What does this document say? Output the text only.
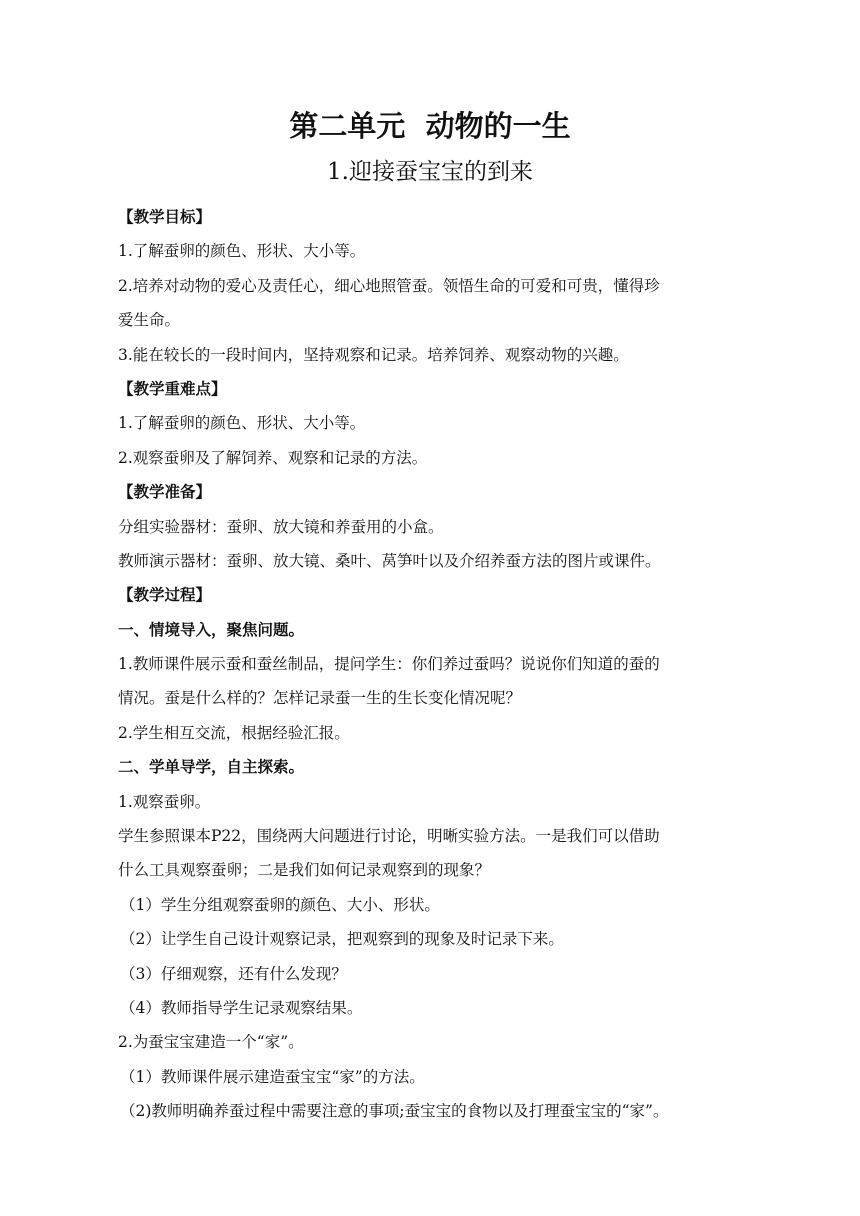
第二单元  动物的一生
1.迎接蚕宝宝的到来
【教学目标】
1.了解蚕卵的颜色、形状、大小等。
2.培养对动物的爱心及责任心，细心地照管蚕。领悟生命的可爱和可贵，懂得珍
爱生命。
3.能在较长的一段时间内，坚持观察和记录。培养饲养、观察动物的兴趣。
【教学重难点】
1.了解蚕卵的颜色、形状、大小等。
2.观察蚕卵及了解饲养、观察和记录的方法。
【教学准备】
分组实验器材：蚕卵、放大镜和养蚕用的小盒。
教师演示器材：蚕卵、放大镜、桑叶、莴笋叶以及介绍养蚕方法的图片或课件。
【教学过程】
一、情境导入，聚焦问题。
1.教师课件展示蚕和蚕丝制品，提问学生：你们养过蚕吗？说说你们知道的蚕的
情况。蚕是什么样的？怎样记录蚕一生的生长变化情况呢？
2.学生相互交流，根据经验汇报。
二、学单导学，自主探索。
1.观察蚕卵。
学生参照课本P22，围绕两大问题进行讨论，明晰实验方法。一是我们可以借助
什么工具观察蚕卵；二是我们如何记录观察到的现象？
（1）学生分组观察蚕卵的颜色、大小、形状。
（2）让学生自己设计观察记录，把观察到的现象及时记录下来。
（3）仔细观察，还有什么发现？
（4）教师指导学生记录观察结果。
2.为蚕宝宝建造一个“家”。
（1）教师课件展示建造蚕宝宝“家”的方法。
（2)教师明确养蚕过程中需要注意的事项;蚕宝宝的食物以及打理蚕宝宝的“家”。
